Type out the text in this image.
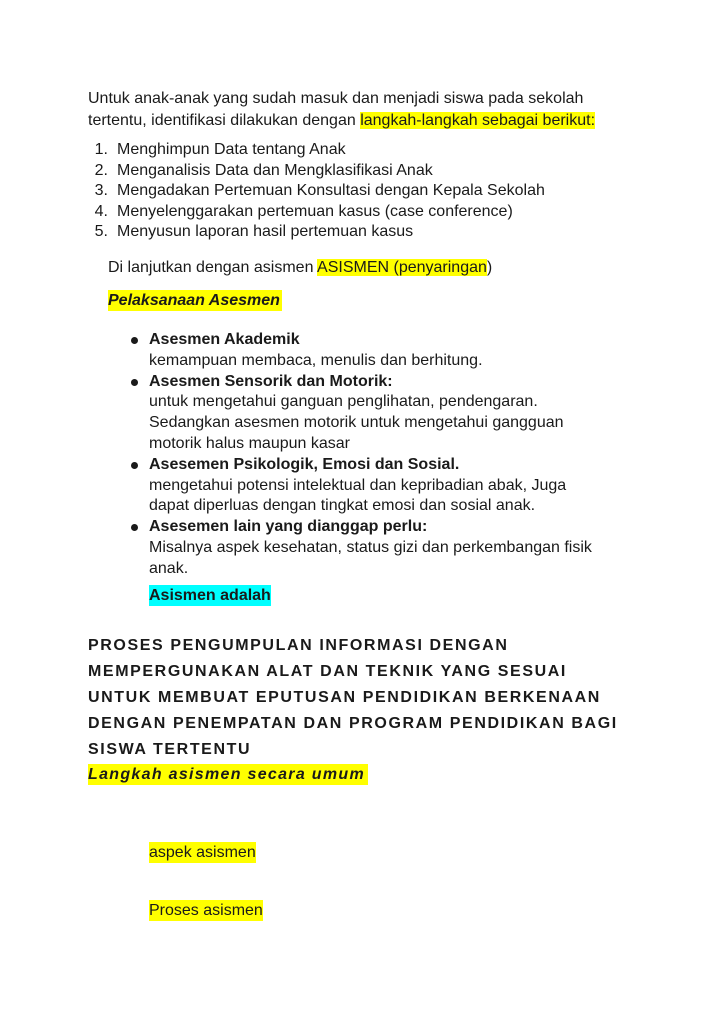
Untuk anak-anak yang sudah masuk dan menjadi siswa pada sekolah
tertentu, identifikasi dilakukan dengan langkah-langkah sebagai berikut:
1. Menghimpun Data tentang Anak
2. Menganalisis Data dan Mengklasifikasi Anak
3. Mengadakan Pertemuan Konsultasi dengan Kepala Sekolah
4. Menyelenggarakan pertemuan kasus (case conference)
5. Menyusun laporan hasil pertemuan kasus
Di lanjutkan dengan asismen ASISMEN (penyaringan)
Pelaksanaan Asesmen
Asesmen Akademik
kemampuan membaca, menulis dan berhitung.
Asesmen Sensorik dan Motorik:
untuk mengetahui ganguan penglihatan, pendengaran.
Sedangkan asesmen motorik untuk mengetahui gangguan
motorik halus maupun kasar
Asesemen Psikologik, Emosi dan Sosial.
mengetahui potensi intelektual dan kepribadian abak, Juga
dapat diperluas dengan tingkat emosi dan sosial anak.
Asesemen lain yang dianggap perlu:
Misalnya aspek kesehatan, status gizi dan perkembangan fisik
anak.
Asismen adalah
PROSES PENGUMPULAN INFORMASI DENGAN
MEMPERGUNAKAN ALAT DAN TEKNIK YANG SESUAI
UNTUK MEMBUAT EPUTUSAN PENDIDIKAN BERKENAAN
DENGAN PENEMPATAN DAN PROGRAM PENDIDIKAN BAGI
SISWA TERTENTU
Langkah asismen secara umum
aspek asismen
Proses asismen
